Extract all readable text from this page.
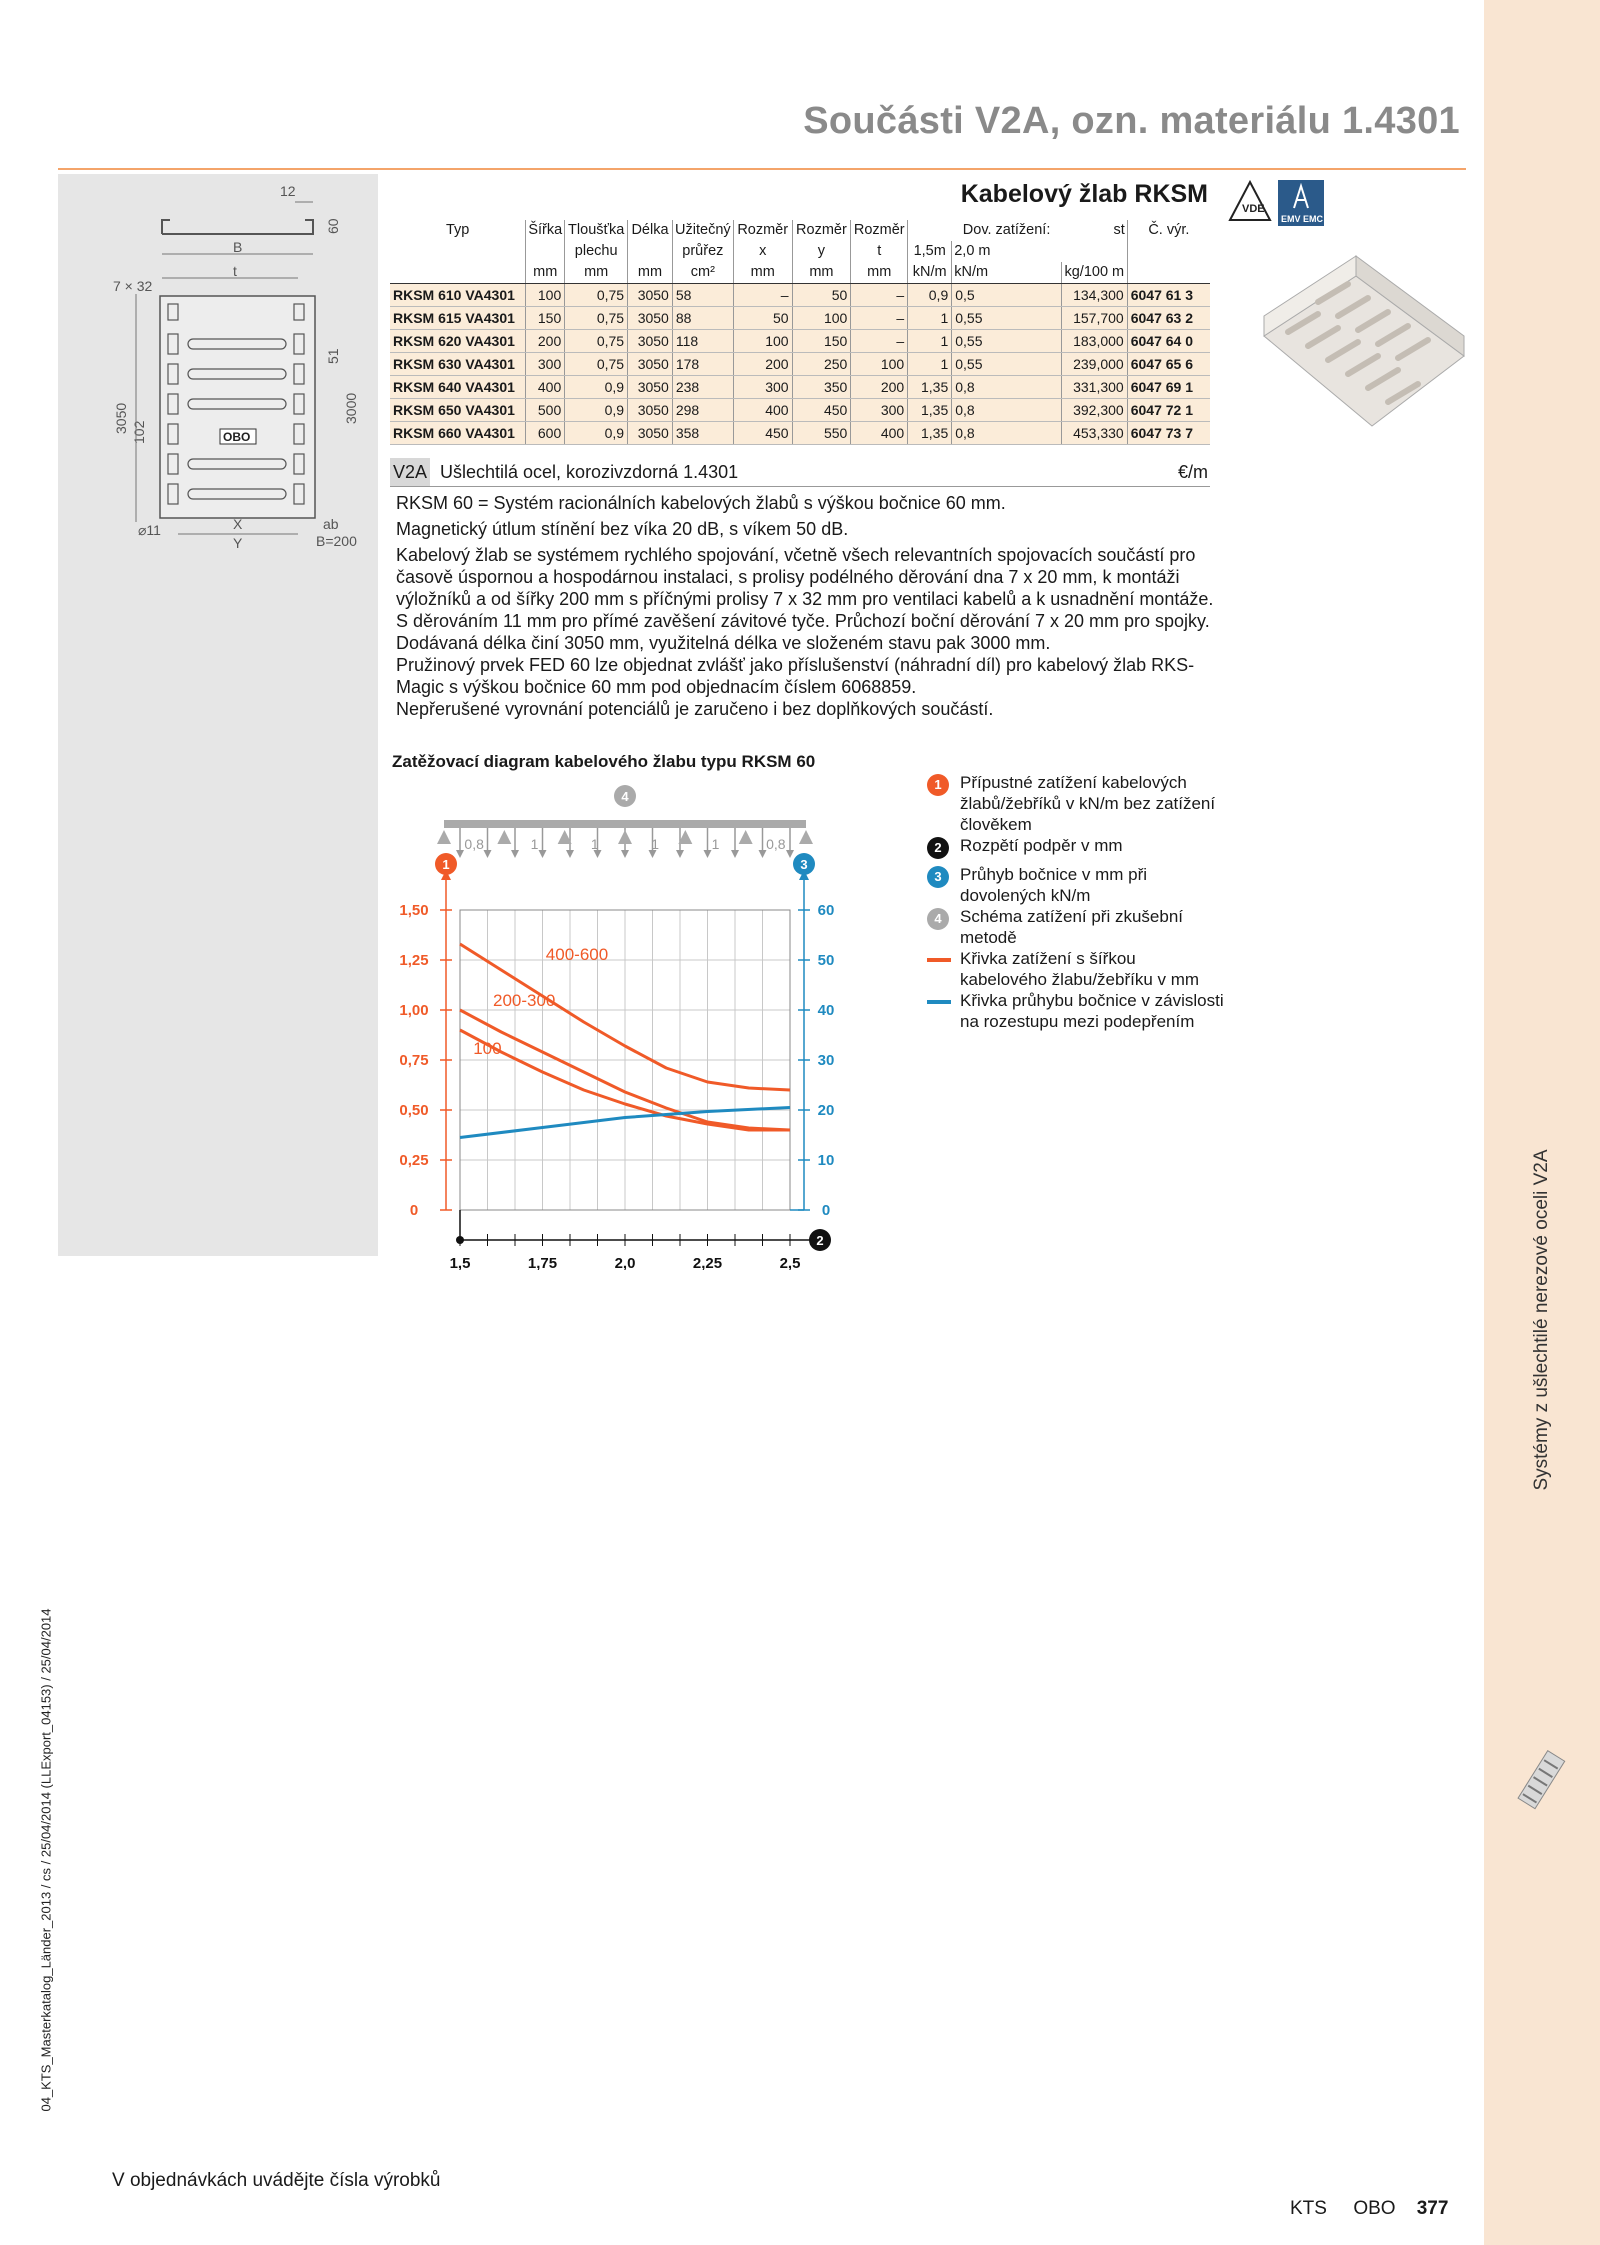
Systémy z ušlechtilé nerezové oceli V2A
04_KTS_Masterkatalog_Länder_2013 / cs / 25/04/2014 (LLExport_04153) / 25/04/2014
Součásti V2A, ozn. materiálu 1.4301
12
60
B
t
7 × 32
OBO
51
3000
3050 102
⌀11	X
Y
ab
B=200
Kabelový žlab RKSM
VDE
EMV EMC
Typ	Šířka	Tloušťka	Délka	Užitečný	Rozměr	Rozměr	Rozměr		Dov. zatížení:	st	Č. výr.
		plechu		průřez	x	y	t	1,5m	2,0 m		
	mm	mm	mm	cm²	mm	mm	mm	kN/m	kN/m	kg/100 m	
RKSM 610 VA4301	100	0,75	3050	58	–	50	–	0,9	0,5	134,300	6047 61 3
RKSM 615 VA4301	150	0,75	3050	88	50	100	–	1	0,55	157,700	6047 63 2
RKSM 620 VA4301	200	0,75	3050	118	100	150	–	1	0,55	183,000	6047 64 0
RKSM 630 VA4301	300	0,75	3050	178	200	250	100	1	0,55	239,000	6047 65 6
RKSM 640 VA4301	400	0,9	3050	238	300	350	200	1,35	0,8	331,300	6047 69 1
RKSM 650 VA4301	500	0,9	3050	298	400	450	300	1,35	0,8	392,300	6047 72 1
RKSM 660 VA4301	600	0,9	3050	358	450	550	400	1,35	0,8	453,330	6047 73 7
V2A Ušlechtilá ocel, korozivzdorná 1.4301	€/m

RKSM 60 = Systém racionálních kabelových žlabů s výškou bočnice 60 mm.

Magnetický útlum stínění bez víka 20 dB, s víkem 50 dB.

Kabelový žlab se systémem rychlého spojování, včetně všech relevantních spojovacích součástí pro časově úspornou a hospodárnou instalaci, s prolisy podélného děrování dna 7 x 20 mm, k montáži výložníků a od šířky 200 mm s příčnými prolisy 7 x 32 mm pro ventilaci kabelů a k usnadnění montáže. S děrováním 11 mm pro přímé zavěšení závitové tyče. Průchozí boční děrování 7 x 20 mm pro spojky.

Dodávaná délka činí 3050 mm, využitelná délka ve složeném stavu pak 3000 mm.

Pružinový prvek FED 60 lze objednat zvlášť jako příslušenství (náhradní díl) pro kabelový žlab RKS-Magic s výškou bočnice 60 mm pod objednacím číslem 6068859.

Nepřerušené vyrovnání potenciálů je zaručeno i bez doplňkových součástí.

Zatěžovací diagram kabelového žlabu typu RKSM 60
0
0,25
0,50
0,75
1,00
1,25
1,50
0
10
20
30
40
50
60
1,5	1,75	2,0	2,25	2,5
1	3
2
4
0,8	1	1	1	1	0,8
400-600
200-300
100
1	Přípustné zatížení kabelových žlabů/žebříků v kN/m bez zatížení člověkem
2	Rozpětí podpěr v mm
3	Průhyb bočnice v mm při dovolených kN/m
4	Schéma zatížení při zkušební metodě
Křivka zatížení s šířkou kabelového žlabu/žebříku v mm
Křivka průhybu bočnice v závislosti na rozestupu mezi podepřením
V objednávkách uvádějte čísla výrobků
KTS OBO 377
